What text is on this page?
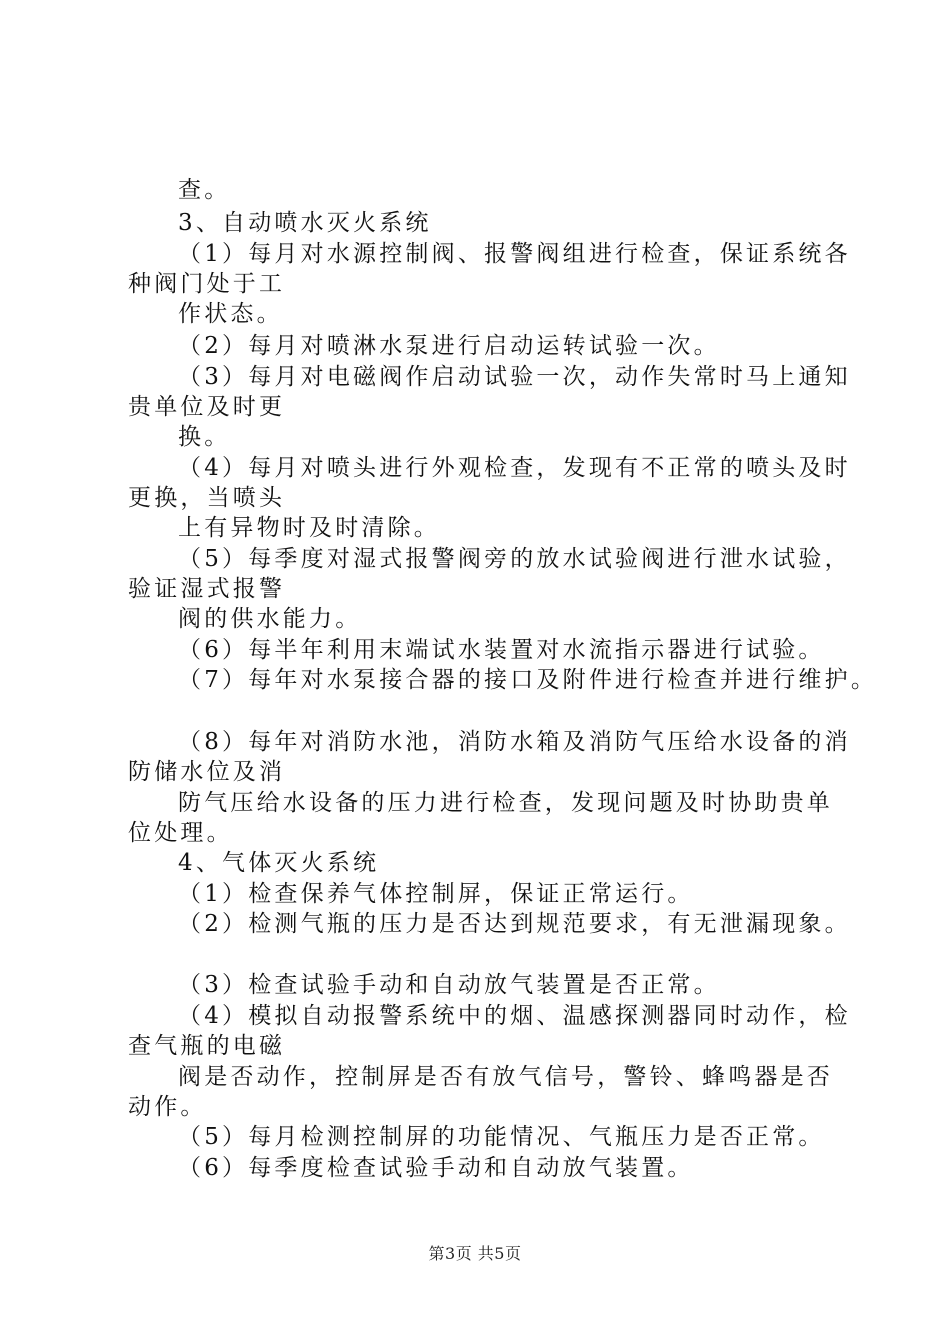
查。
3、自动喷水灭火系统
（1）每月对水源控制阀、报警阀组进行检查，保证系统各
种阀门处于工
作状态。
（2）每月对喷淋水泵进行启动运转试验一次。
（3）每月对电磁阀作启动试验一次，动作失常时马上通知
贵单位及时更
换。
（4）每月对喷头进行外观检查，发现有不正常的喷头及时
更换，当喷头
上有异物时及时清除。
（5）每季度对湿式报警阀旁的放水试验阀进行泄水试验，
验证湿式报警
阀的供水能力。
（6）每半年利用末端试水装置对水流指示器进行试验。
（7）每年对水泵接合器的接口及附件进行检查并进行维护。
（8）每年对消防水池，消防水箱及消防气压给水设备的消
防储水位及消
防气压给水设备的压力进行检查，发现问题及时协助贵单
位处理。
4、气体灭火系统
（1）检查保养气体控制屏，保证正常运行。
（2）检测气瓶的压力是否达到规范要求，有无泄漏现象。
（3）检查试验手动和自动放气装置是否正常。
（4）模拟自动报警系统中的烟、温感探测器同时动作，检
查气瓶的电磁
阀是否动作，控制屏是否有放气信号，警铃、蜂鸣器是否
动作。
（5）每月检测控制屏的功能情况、气瓶压力是否正常。
（6）每季度检查试验手动和自动放气装置。
第3页 共5页
